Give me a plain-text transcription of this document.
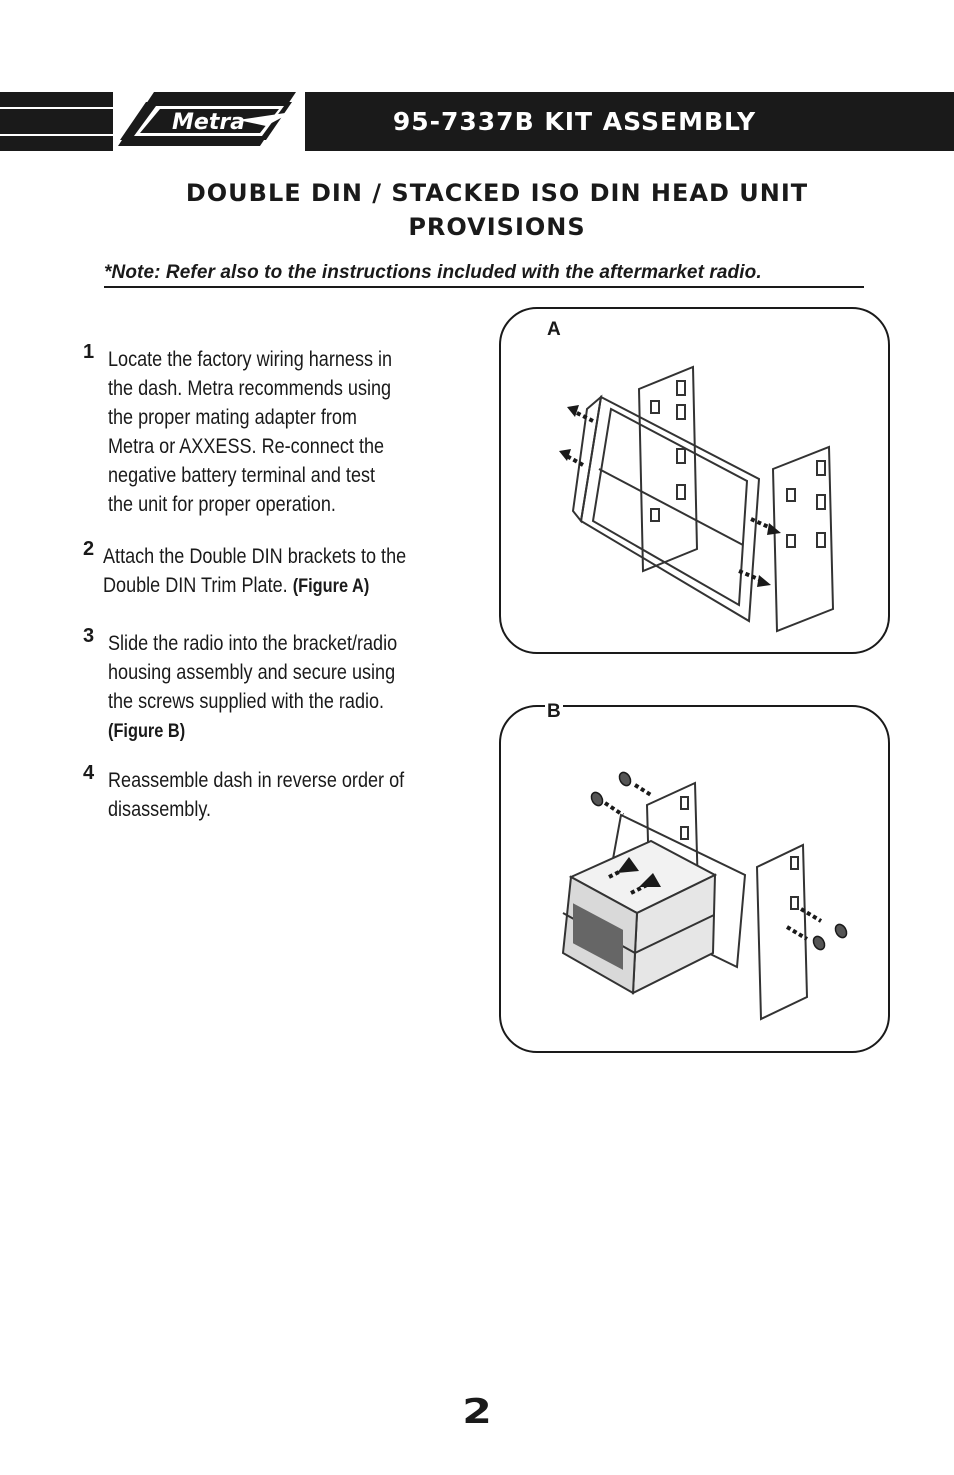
Metra	95-7337B KIT ASSEMBLY
DOUBLE DIN / STACKED ISO DIN HEAD UNIT
PROVISIONS
*Note: Refer also to the instructions included with the aftermarket radio.
1 Locate the factory wiring harness in
the dash. Metra recommends using
the proper mating adapter from
Metra or AXXESS. Re-connect the
negative battery terminal and test
the unit for proper operation.
2 Attach the Double DIN brackets to the
Double DIN Trim Plate. (Figure A)
3 Slide the radio into the bracket/radio
housing assembly and secure using
the screws supplied with the radio.
(Figure B)
4 Reassemble dash in reverse order of
disassembly.
A
B
2
